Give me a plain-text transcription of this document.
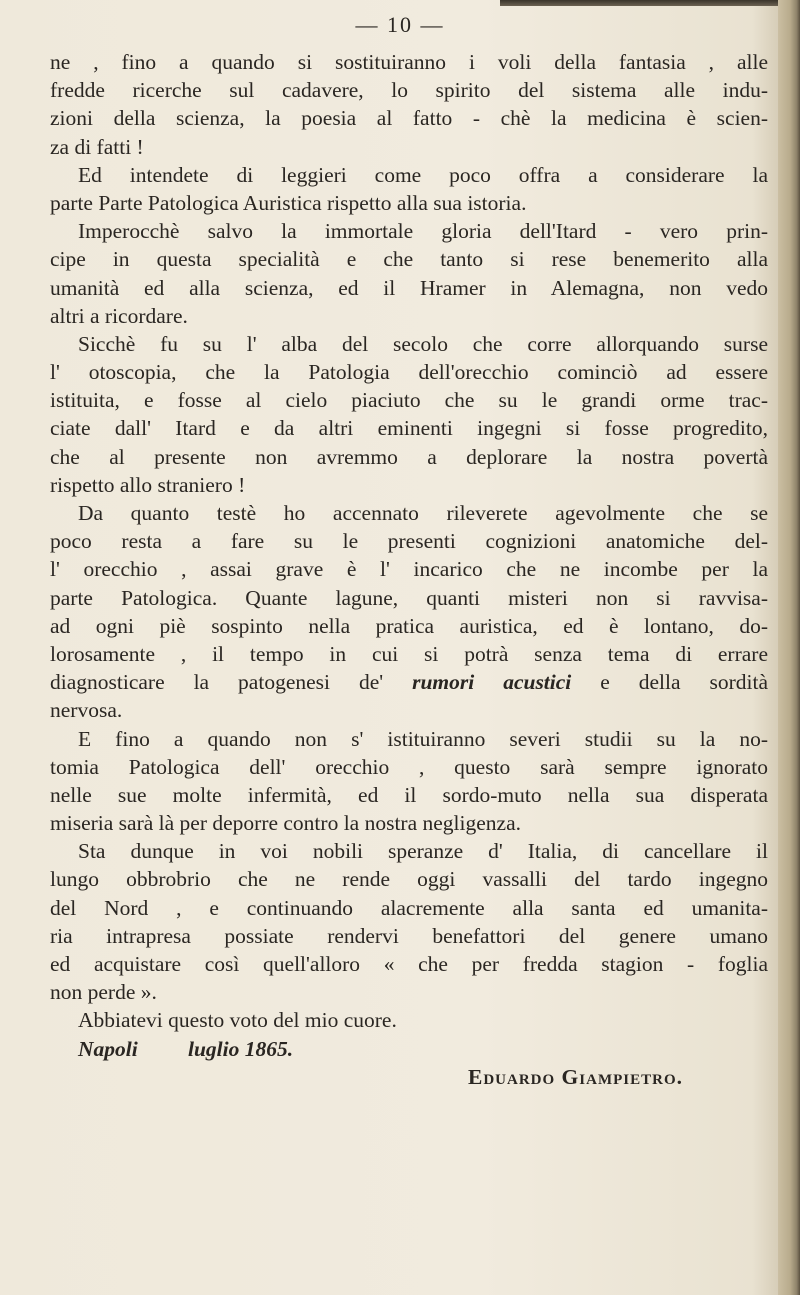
— 10 —
ne , fino a quando si sostituiranno i voli della fantasia , alle
fredde ricerche sul cadavere, lo spirito del sistema alle indu-
zioni della scienza, la poesia al fatto - chè la medicina è scien-
za di fatti !
Ed intendete di leggieri come poco offra a considerare la
parte Parte Patologica Auristica rispetto alla sua istoria.
Imperocchè salvo la immortale gloria dell'Itard - vero prin-
cipe in questa specialità e che tanto si rese benemerito alla
umanità ed alla scienza, ed il Hramer in Alemagna, non vedo
altri a ricordare.
Sicchè fu su l' alba del secolo che corre allorquando surse
l' otoscopia, che la Patologia dell'orecchio cominciò ad essere
istituita, e fosse al cielo piaciuto che su le grandi orme trac-
ciate dall' Itard e da altri eminenti ingegni si fosse progredito,
che al presente non avremmo a deplorare la nostra povertà
rispetto allo straniero !
Da quanto testè ho accennato rileverete agevolmente che se
poco resta a fare su le presenti cognizioni anatomiche del-
l' orecchio , assai grave è l' incarico che ne incombe per la
parte Patologica. Quante lagune, quanti misteri non si ravvisa-
ad ogni piè sospinto nella pratica auristica, ed è lontano, do-
lorosamente , il tempo in cui si potrà senza tema di errare
diagnosticare la patogenesi de' rumori acustici e della sordità
nervosa.
E fino a quando non s' istituiranno severi studii su la no-
tomia Patologica dell' orecchio , questo sarà sempre ignorato
nelle sue molte infermità, ed il sordo-muto nella sua disperata
miseria sarà là per deporre contro la nostra negligenza.
Sta dunque in voi nobili speranze d' Italia, di cancellare il
lungo obbrobrio che ne rende oggi vassalli del tardo ingegno
del Nord , e continuando alacremente alla santa ed umanita-
ria intrapresa possiate rendervi benefattori del genere umano
ed acquistare così quell'alloro « che per fredda stagion - foglia
non perde ».
Abbiatevi questo voto del mio cuore.
Napoli luglio 1865.
Eduardo Giampietro.
